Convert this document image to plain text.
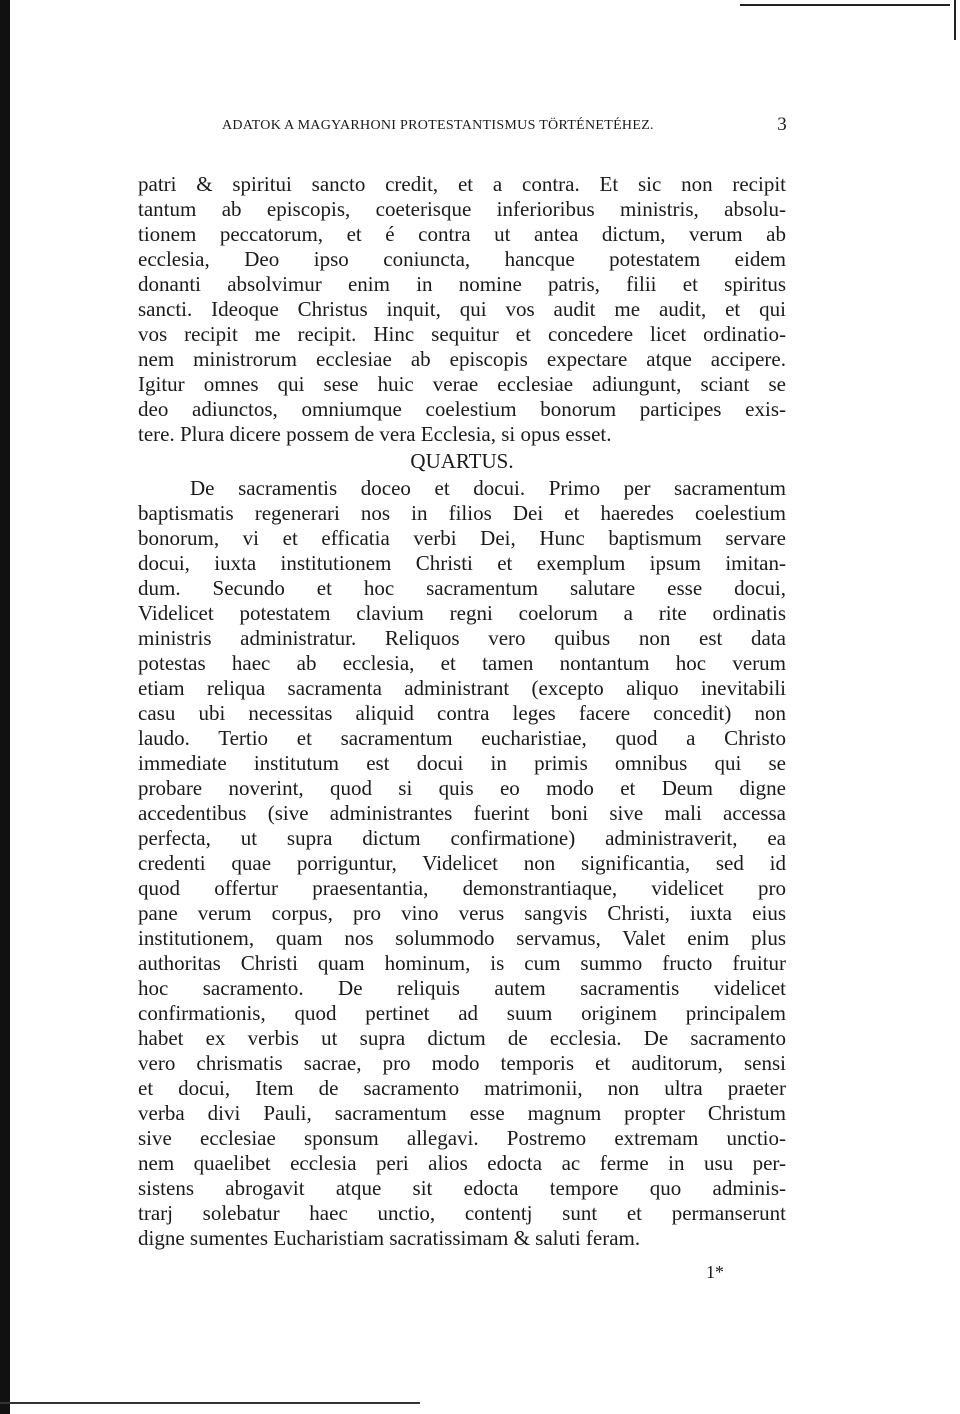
ADATOK A MAGYARHONI PROTESTANTISMUS TÖRTÉNETÉHEZ.	3
patri & spiritui sancto credit, et a contra. Et sic non recipit
tantum ab episcopis, coeterisque inferioribus ministris, absolu-
tionem peccatorum, et é contra ut antea dictum, verum ab
ecclesia, Deo ipso coniuncta, hancque potestatem eidem
donanti absolvimur enim in nomine patris, filii et spiritus
sancti. Ideoque Christus inquit, qui vos audit me audit, et qui
vos recipit me recipit. Hinc sequitur et concedere licet ordinatio-
nem ministrorum ecclesiae ab episcopis expectare atque accipere.
Igitur omnes qui sese huic verae ecclesiae adiungunt, sciant se
deo adiunctos, omniumque coelestium bonorum participes exis-
tere. Plura dicere possem de vera Ecclesia, si opus esset.
QUARTUS.
De sacramentis doceo et docui. Primo per sacramentum
baptismatis regenerari nos in filios Dei et haeredes coelestium
bonorum, vi et efficatia verbi Dei, Hunc baptismum servare
docui, iuxta institutionem Christi et exemplum ipsum imitan-
dum. Secundo et hoc sacramentum salutare esse docui,
Videlicet potestatem clavium regni coelorum a rite ordinatis
ministris administratur. Reliquos vero quibus non est data
potestas haec ab ecclesia, et tamen nontantum hoc verum
etiam reliqua sacramenta administrant (excepto aliquo inevitabili
casu ubi necessitas aliquid contra leges facere concedit) non
laudo. Tertio et sacramentum eucharistiae, quod a Christo
immediate institutum est docui in primis omnibus qui se
probare noverint, quod si quis eo modo et Deum digne
accedentibus (sive administrantes fuerint boni sive mali accessa
perfecta, ut supra dictum confirmatione) administraverit, ea
credenti quae porriguntur, Videlicet non significantia, sed id
quod offertur praesentantia, demonstrantiaque, videlicet pro
pane verum corpus, pro vino verus sangvis Christi, iuxta eius
institutionem, quam nos solummodo servamus, Valet enim plus
authoritas Christi quam hominum, is cum summo fructo fruitur
hoc sacramento. De reliquis autem sacramentis videlicet
confirmationis, quod pertinet ad suum originem principalem
habet ex verbis ut supra dictum de ecclesia. De sacramento
vero chrismatis sacrae, pro modo temporis et auditorum, sensi
et docui, Item de sacramento matrimonii, non ultra praeter
verba divi Pauli, sacramentum esse magnum propter Christum
sive ecclesiae sponsum allegavi. Postremo extremam unctio-
nem quaelibet ecclesia peri alios edocta ac ferme in usu per-
sistens abrogavit atque sit edocta tempore quo adminis-
trarj solebatur haec unctio, contentj sunt et permanserunt
digne sumentes Eucharistiam sacratissimam & saluti feram.
1*
